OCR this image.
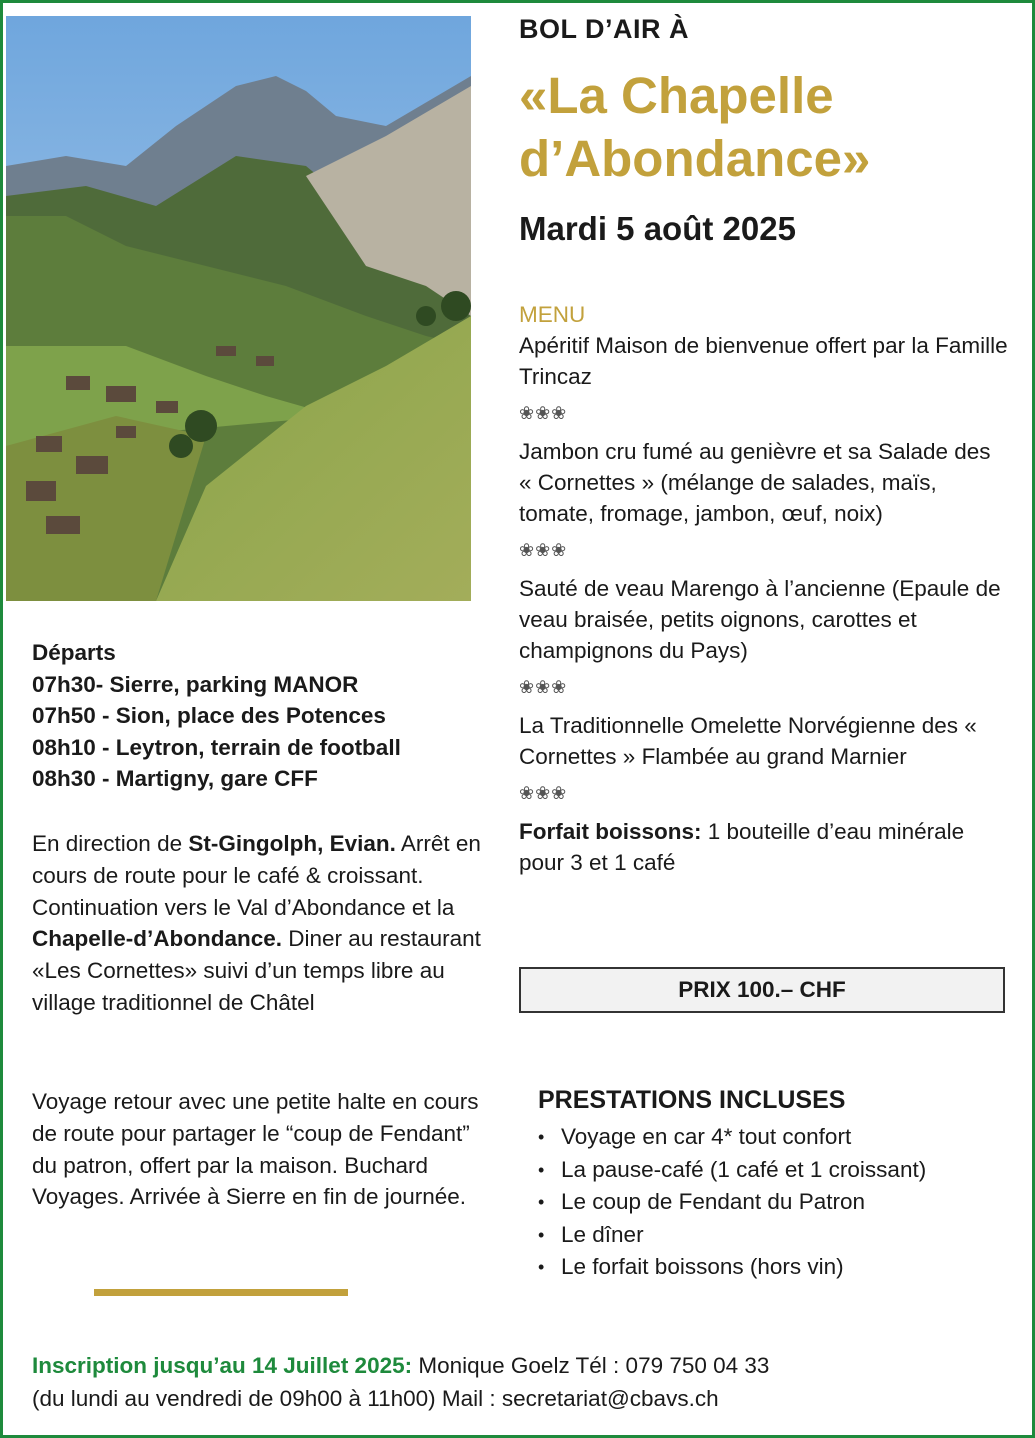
Départs
07h30- Sierre, parking MANOR
07h50 - Sion, place des Potences
08h10 - Leytron, terrain de football
08h30 - Martigny, gare CFF
En direction de St-Gingolph, Evian. Arrêt en cours de route pour le café & croissant. Continuation vers le Val d’Abondance et la Chapelle-d’Abondance. Diner au restaurant «Les Cornettes» suivi d’un temps libre au village traditionnel de Châtel
Voyage retour avec une petite halte en cours de route pour partager le “coup de Fendant” du patron, offert par la maison. Buchard Voyages. Arrivée à Sierre en fin de journée.
BOL D’AIR À
«La Chapelle
d’Abondance»
Mardi 5 août 2025
MENU
Apéritif Maison de bienvenue offert par la Famille Trincaz
❀❀❀
Jambon cru fumé au genièvre et sa Salade des « Cornettes » (mélange de salades, maïs, tomate, fromage, jambon, œuf, noix)
❀❀❀
Sauté de veau Marengo à l’ancienne (Epaule de veau braisée, petits oignons, carottes et champignons du Pays)
❀❀❀
La Traditionnelle Omelette Norvégienne des « Cornettes » Flambée au grand Marnier
❀❀❀
Forfait boissons: 1 bouteille d’eau minérale pour 3 et 1 café
PRIX 100.– CHF
PRESTATIONS INCLUSES
• Voyage en car 4* tout confort
• La pause-café (1 café et 1 croissant)
• Le coup de Fendant du Patron
• Le dîner
• Le forfait boissons (hors vin)
Inscription jusqu’au 14 Juillet 2025: Monique Goelz Tél : 079 750 04 33
(du lundi au vendredi de 09h00 à 11h00) Mail : secretariat@cbavs.ch
